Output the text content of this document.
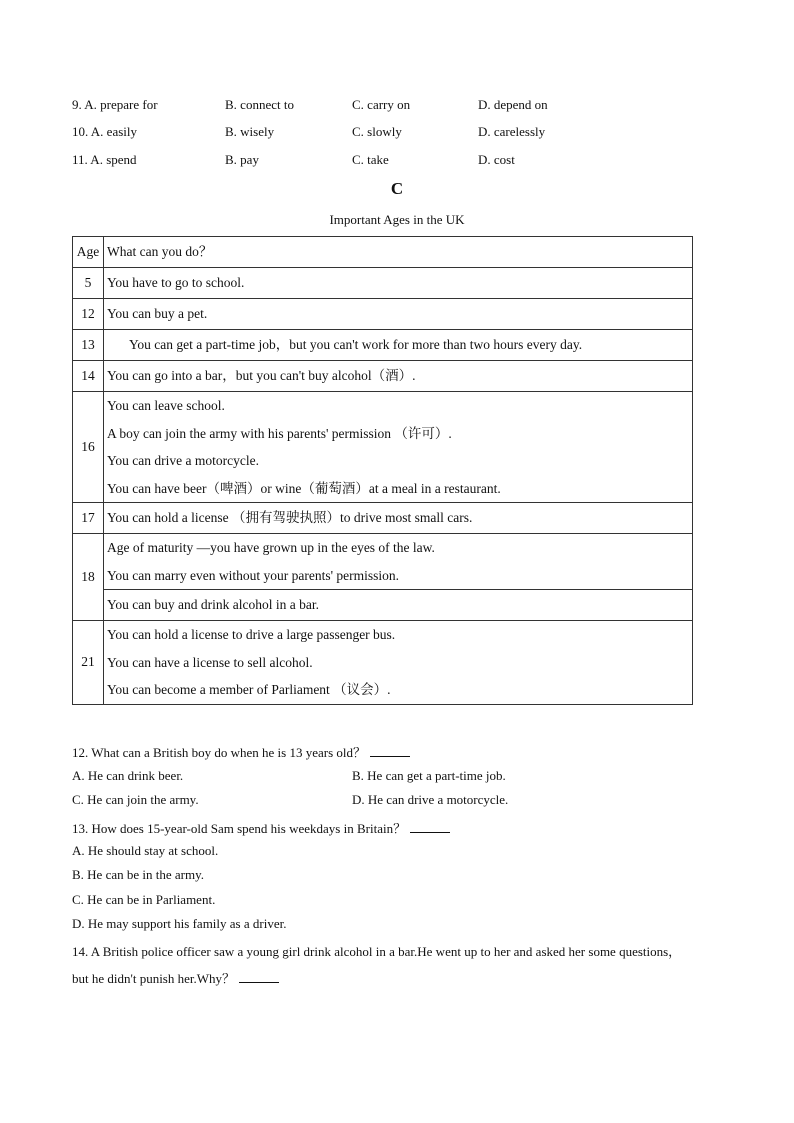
9. A. prepare for	B. connect to	C. carry on	D. depend on
10. A. easily	B. wisely	C. slowly	D. carelessly
11. A. spend	B. pay	C. take	D. cost
C
Important Ages in the UK
Age	What can you do？

5	You have to go to school.

12	You can buy a pet.

13	You can get a part-time job，but you can't work for more than two hours every day.

14	You can go into a bar，but you can't buy alcohol（酒）.

16	You can leave school.
A boy can join the army with his parents' permission （许可）.
You can drive a motorcycle.
You can have beer（啤酒）or wine（葡萄酒）at a meal in a restaurant.

17	You can hold a license （拥有驾驶执照）to drive most small cars.

18	Age of maturity —you have grown up in the eyes of the law.
You can marry even without your parents' permission.

	You can buy and drink alcohol in a bar.

21	You can hold a license to drive a large passenger bus.
You can have a license to sell alcohol.
You can become a member of Parliament （议会）.
12. What can a British boy do when he is 13 years old？
A. He can drink beer.	B. He can get a part-time job.
C. He can join the army.	D. He can drive a motorcycle.
13. How does 15-year-old Sam spend his weekdays in Britain？
A. He should stay at school.
B. He can be in the army.
C. He can be in Parliament.
D. He may support his family as a driver.
14. A British police officer saw a young girl drink alcohol in a bar.He went up to her and asked her some questions，
but he didn't punish her.Why？
